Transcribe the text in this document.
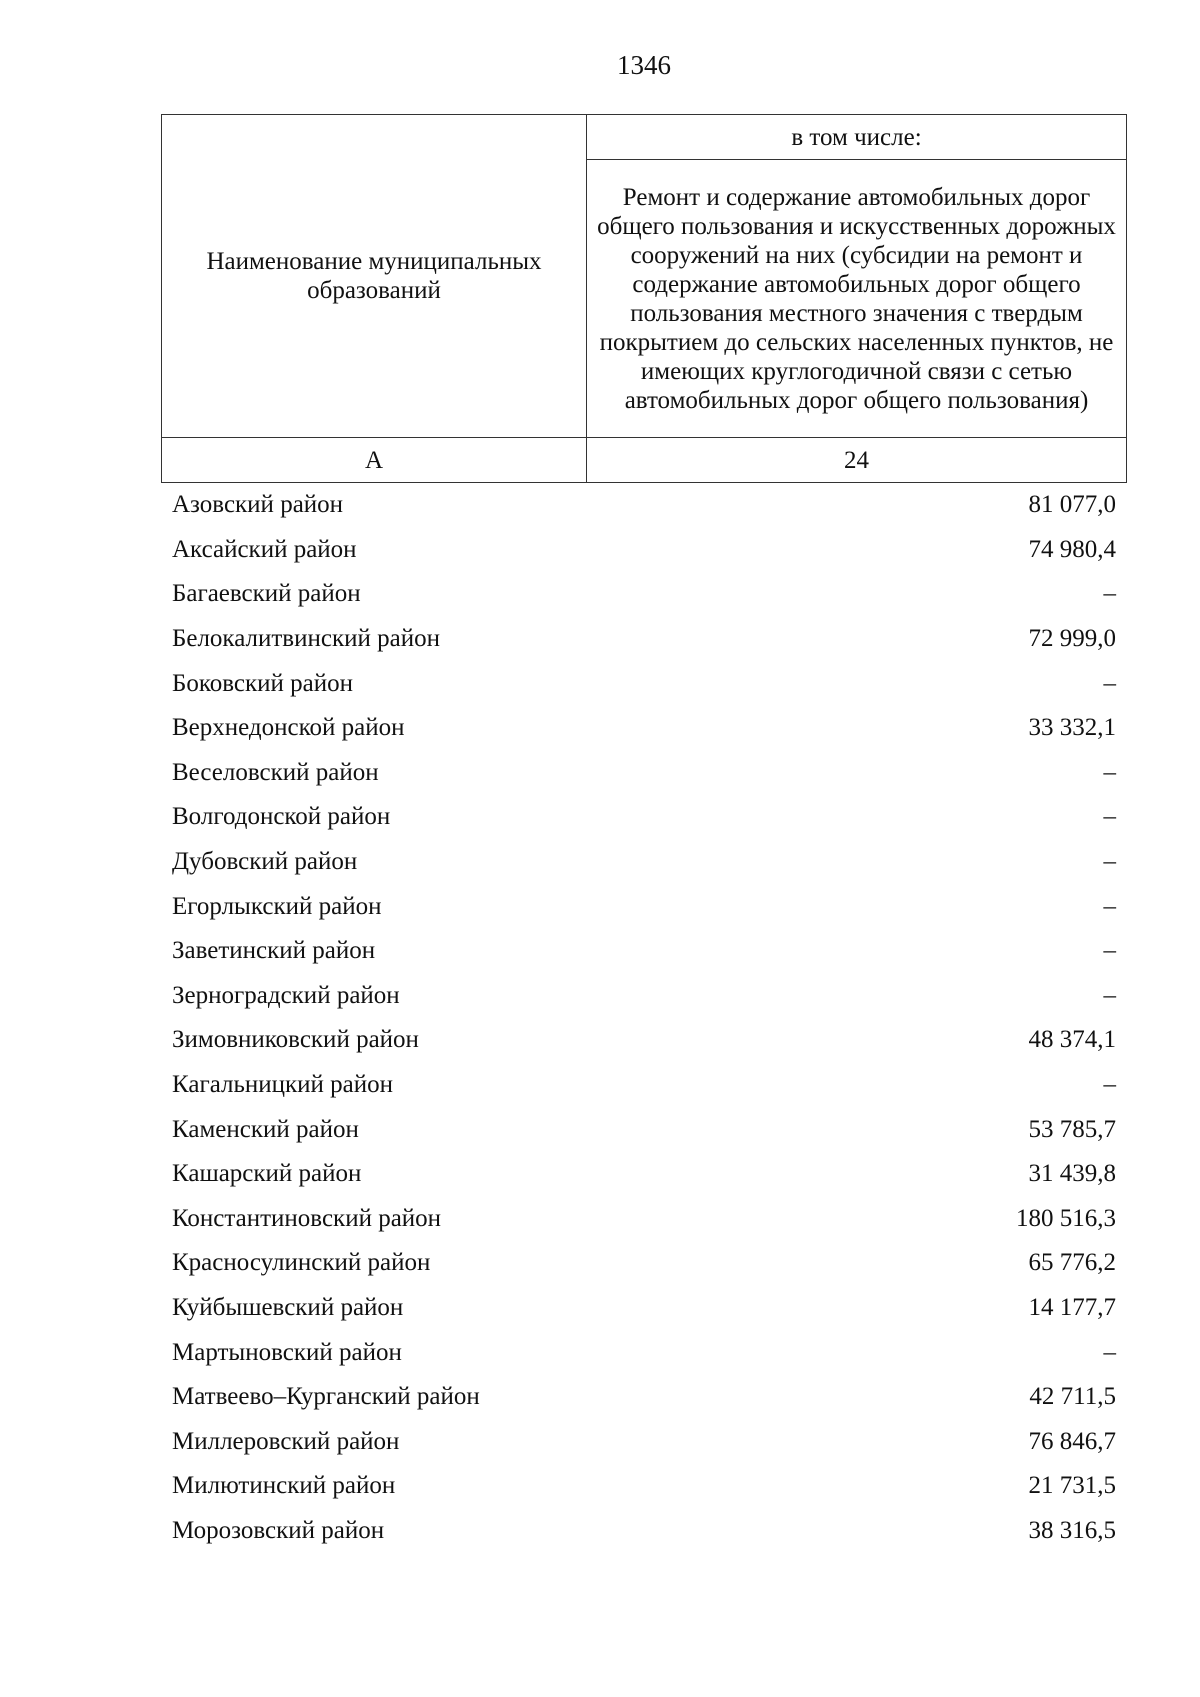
1346
Наименование муниципальных образований	в том числе:
	Ремонт и содержание автомобильных дорог общего пользования и искусственных дорожных сооружений на них (субсидии на ремонт и содержание автомобильных дорог общего пользования местного значения с твердым покрытием до сельских населенных пунктов, не имеющих круглогодичной связи с сетью автомобильных дорог общего пользования)
А	24
Азовский район	81 077,0
Аксайский район	74 980,4
Багаевский район	–
Белокалитвинский район	72 999,0
Боковский район	–
Верхнедонской район	33 332,1
Веселовский район	–
Волгодонской район	–
Дубовский район	–
Егорлыкский район	–
Заветинский район	–
Зерноградский район	–
Зимовниковский район	48 374,1
Кагальницкий район	–
Каменский район	53 785,7
Кашарский район	31 439,8
Константиновский район	180 516,3
Красносулинский район	65 776,2
Куйбышевский район	14 177,7
Мартыновский район	–
Матвеево–Курганский район	42 711,5
Миллеровский район	76 846,7
Милютинский район	21 731,5
Морозовский район	38 316,5
